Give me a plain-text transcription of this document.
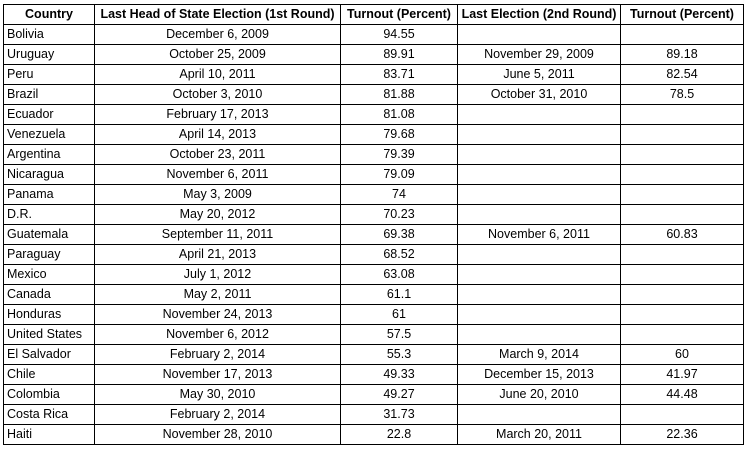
Country	Last Head of State Election (1st Round)	Turnout (Percent)	Last Election (2nd Round)	Turnout (Percent)
Bolivia	December 6, 2009	94.55		
Uruguay	October 25, 2009	89.91	November 29, 2009	89.18
Peru	April 10, 2011	83.71	June 5, 2011	82.54
Brazil	October 3, 2010	81.88	October 31, 2010	78.5
Ecuador	February 17, 2013	81.08		
Venezuela	April 14, 2013	79.68		
Argentina	October 23, 2011	79.39		
Nicaragua	November 6, 2011	79.09		
Panama	May 3, 2009	74		
D.R.	May 20, 2012	70.23		
Guatemala	September 11, 2011	69.38	November 6, 2011	60.83
Paraguay	April 21, 2013	68.52		
Mexico	July 1, 2012	63.08		
Canada	May 2, 2011	61.1		
Honduras	November 24, 2013	61		
United States	November 6, 2012	57.5		
El Salvador	February 2, 2014	55.3	March 9, 2014	60
Chile	November 17, 2013	49.33	December 15, 2013	41.97
Colombia	May 30, 2010	49.27	June 20, 2010	44.48
Costa Rica	February 2, 2014	31.73		
Haiti	November 28, 2010	22.8	March 20, 2011	22.36
